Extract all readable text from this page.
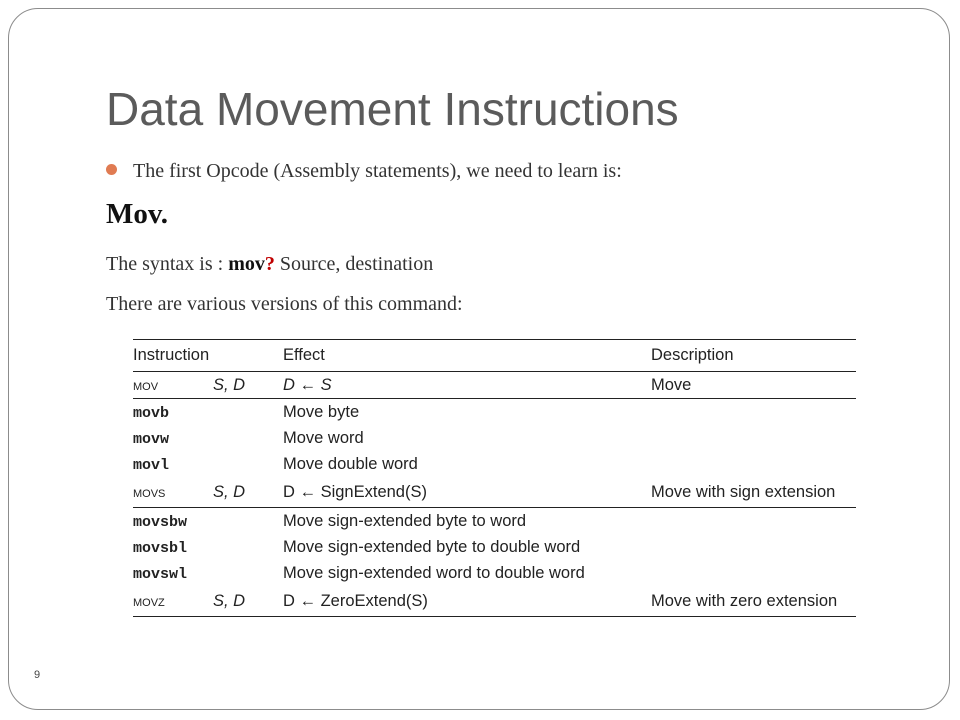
Data Movement Instructions
The first Opcode (Assembly statements), we need to learn is:
Mov.
The syntax is : mov? Source, destination
There are various versions of this command:
Instruction		Effect	Description
mov	S, D	D ← S	Move
movb		Move byte	
movw		Move word	
movl		Move double word	
movs	S, D	D ← SignExtend(S)	Move with sign extension
movsbw		Move sign-extended byte to word	
movsbl		Move sign-extended byte to double word	
movswl		Move sign-extended word to double word	
movz	S, D	D ← ZeroExtend(S)	Move with zero extension
9
